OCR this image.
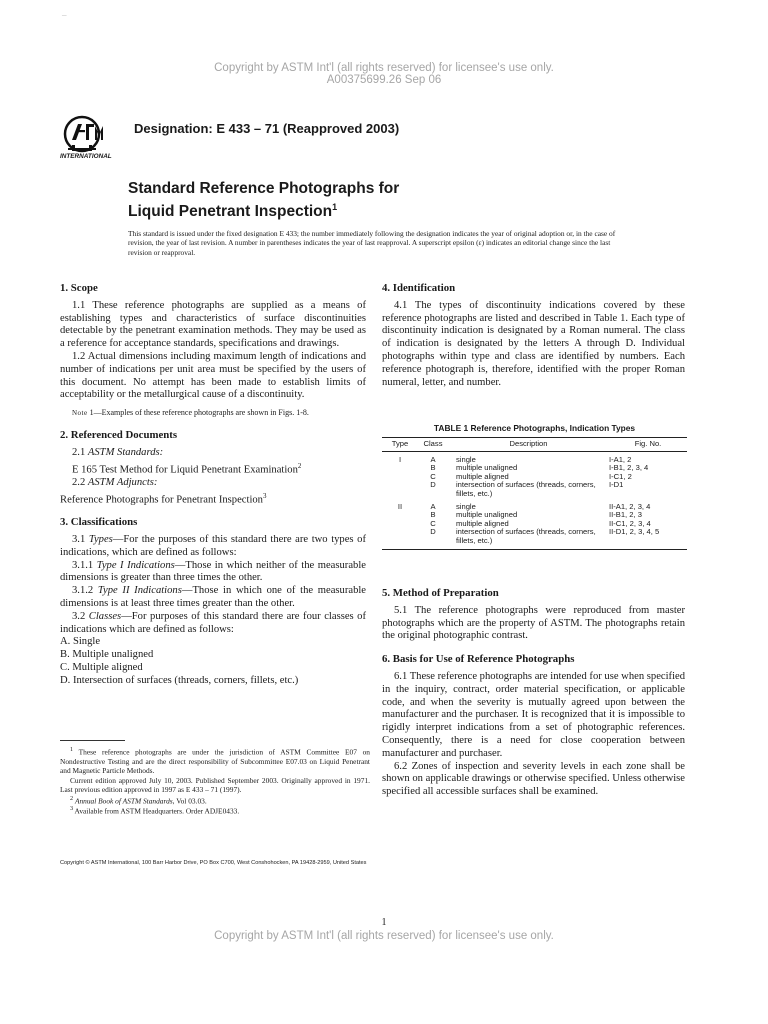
–
Copyright by ASTM Int'l (all rights reserved) for licensee's use only.
A00375699.26 Sep 06
INTERNATIONAL
Designation: E 433 – 71 (Reapproved 2003)
Standard Reference Photographs for
Liquid Penetrant Inspection$^1$
This standard is issued under the fixed designation E 433; the number immediately following the designation indicates the year of original adoption or, in the case of revision, the year of last revision. A number in parentheses indicates the year of last reapproval. A superscript epsilon (ε) indicates an editorial change since the last revision or reapproval.
1. Scope

1.1 These reference photographs are supplied as a means of establishing types and characteristics of surface discontinuities detectable by the penetrant examination methods. They may be used as a reference for acceptance standards, specifications and drawings.

1.2 Actual dimensions including maximum length of indications and number of indications per unit area must be specified by the users of this document. No attempt has been made to establish limits of acceptability or the metallurgical cause of a discontinuity.

Note 1—Examples of these reference photographs are shown in Figs. 1-8.

2. Referenced Documents

2.1 ASTM Standards:

E 165 Test Method for Liquid Penetrant Examination$^2$

2.2 ASTM Adjuncts:

Reference Photographs for Penetrant Inspection$^3$

3. Classifications

3.1 Types—For the purposes of this standard there are two types of indications, which are defined as follows:

3.1.1 Type I Indications—Those in which neither of the measurable dimensions is greater than three times the other.

3.1.2 Type II Indications—Those in which one of the measurable dimensions is at least three times greater than the other.

3.2 Classes—For purposes of this standard there are four classes of indications which are defined as follows:

A. Single
B. Multiple unaligned
C. Multiple aligned
D. Intersection of surfaces (threads, corners, fillets, etc.)

$^1$ These reference photographs are under the jurisdiction of ASTM Committee E07 on Nondestructive Testing and are the direct responsibility of Subcommittee E07.03 on Liquid Penetrant and Magnetic Particle Methods.

Current edition approved July 10, 2003. Published September 2003. Originally approved in 1971. Last previous edition approved in 1997 as E 433 – 71 (1997).

$^2$ Annual Book of ASTM Standards, Vol 03.03.

$^3$ Available from ASTM Headquarters. Order ADJE0433.

4. Identification

4.1 The types of discontinuity indications covered by these reference photographs are listed and described in Table 1. Each type of discontinuity indication is designated by a Roman numeral. The class of indication is designated by the letters A through D. Individual photographs within type and class are identified by numbers. Each reference photograph is, therefore, identified with the proper Roman numeral, letter, and number.

TABLE 1 Reference Photographs, Indication Types
Type	Class	Description	Fig. No.
I	A	single	I-A1, 2
	B	multiple unaligned	I-B1, 2, 3, 4
	C	multiple aligned	I-C1, 2
	D	intersection of surfaces (threads, corners, fillets, etc.)	I-D1
II	A	single	II-A1, 2, 3, 4
	B	multiple unaligned	II-B1, 2, 3
	C	multiple aligned	II-C1, 2, 3, 4
	D	intersection of surfaces (threads, corners, fillets, etc.)	II-D1, 2, 3, 4, 5
5. Method of Preparation

5.1 The reference photographs were reproduced from master photographs which are the property of ASTM. The photographs retain the original photographic contrast.

6. Basis for Use of Reference Photographs

6.1 These reference photographs are intended for use when specified in the inquiry, contract, order material specification, or applicable code, and when the severity is mutually agreed upon between the manufacturer and the purchaser. It is recognized that it is impossible to rigidly interpret indications from a set of photographic references. Consequently, there is a need for close cooperation between manufacturer and purchaser.

6.2 Zones of inspection and severity levels in each zone shall be shown on applicable drawings or otherwise specified. Unless otherwise specified all accessible surfaces shall be examined.

Copyright © ASTM International, 100 Barr Harbor Drive, PO Box C700, West Conshohocken, PA 19428-2959, United States
1
Copyright by ASTM Int'l (all rights reserved) for licensee's use only.
